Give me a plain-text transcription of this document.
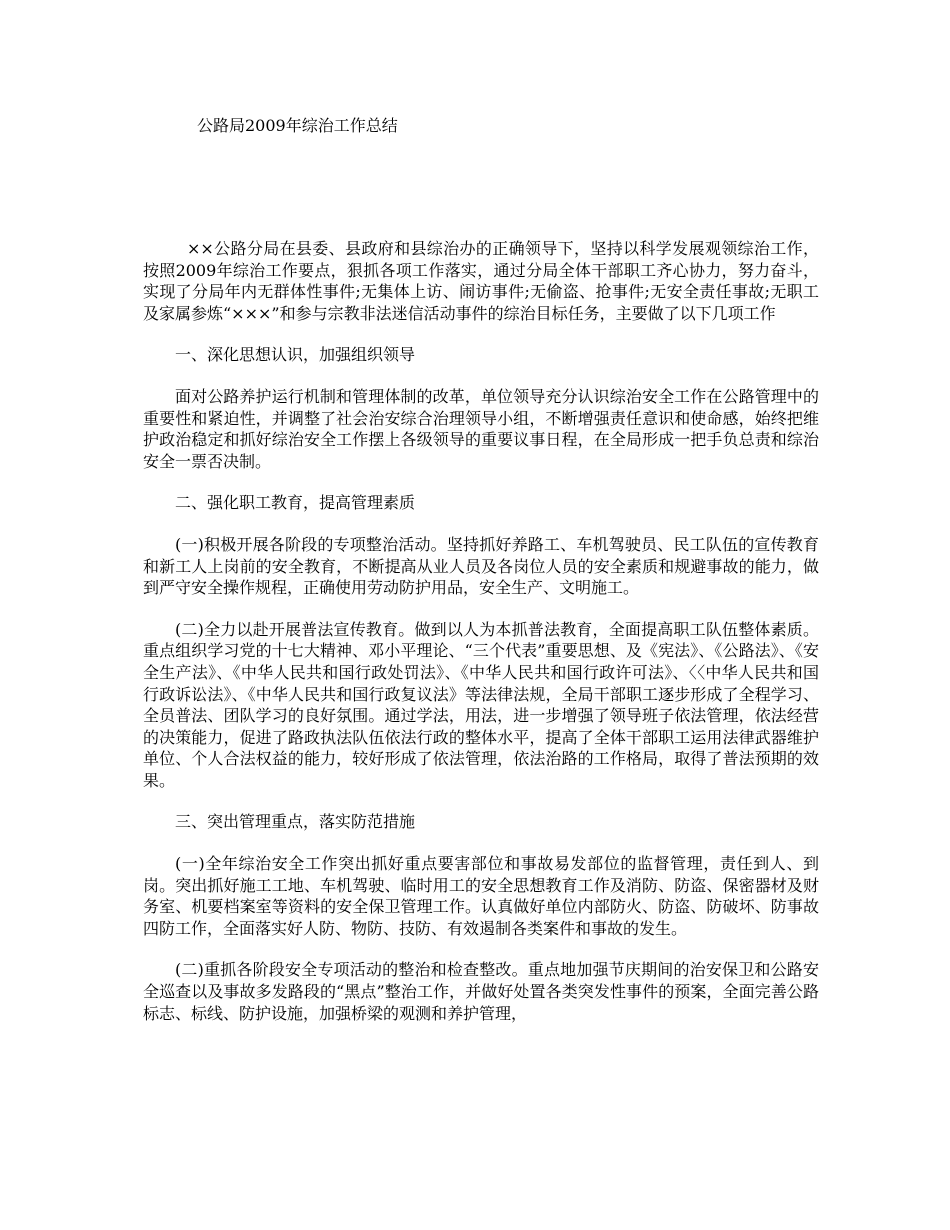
公路局2009年综治工作总结

××公路分局在县委、县政府和县综治办的正确领导下，坚持以科学发展观领综治工作，按照2009年综治工作要点，狠抓各项工作落实，通过分局全体干部职工齐心协力，努力奋斗，实现了分局年内无群体性事件;无集体上访、闹访事件;无偷盗、抢事件;无安全责任事故;无职工及家属参炼“×××”和参与宗教非法迷信活动事件的综治目标任务，主要做了以下几项工作

一、深化思想认识，加强组织领导

面对公路养护运行机制和管理体制的改革，单位领导充分认识综治安全工作在公路管理中的重要性和紧迫性，并调整了社会治安综合治理领导小组，不断增强责任意识和使命感，始终把维护政治稳定和抓好综治安全工作摆上各级领导的重要议事日程，在全局形成一把手负总责和综治安全一票否决制。

二、强化职工教育，提高管理素质

(一)积极开展各阶段的专项整治活动。坚持抓好养路工、车机驾驶员、民工队伍的宣传教育和新工人上岗前的安全教育，不断提高从业人员及各岗位人员的安全素质和规避事故的能力，做到严守安全操作规程，正确使用劳动防护用品，安全生产、文明施工。

(二)全力以赴开展普法宣传教育。做到以人为本抓普法教育，全面提高职工队伍整体素质。重点组织学习党的十七大精神、邓小平理论、“三个代表”重要思想、及《宪法》、《公路法》、《安全生产法》、《中华人民共和国行政处罚法》、《中华人民共和国行政许可法》、〈〈中华人民共和国行政诉讼法》、《中华人民共和国行政复议法》等法律法规，全局干部职工逐步形成了全程学习、全员普法、团队学习的良好氛围。通过学法，用法，进一步增强了领导班子依法管理，依法经营的决策能力，促进了路政执法队伍依法行政的整体水平，提高了全体干部职工运用法律武器维护单位、个人合法权益的能力，较好形成了依法管理，依法治路的工作格局，取得了普法预期的效果。

三、突出管理重点，落实防范措施

(一)全年综治安全工作突出抓好重点要害部位和事故易发部位的监督管理，责任到人、到岗。突出抓好施工工地、车机驾驶、临时用工的安全思想教育工作及消防、防盗、保密器材及财务室、机要档案室等资料的安全保卫管理工作。认真做好单位内部防火、防盗、防破坏、防事故四防工作，全面落实好人防、物防、技防、有效遏制各类案件和事故的发生。

(二)重抓各阶段安全专项活动的整治和检查整改。重点地加强节庆期间的治安保卫和公路安全巡查以及事故多发路段的“黑点”整治工作，并做好处置各类突发性事件的预案，全面完善公路标志、标线、防护设施，加强桥梁的观测和养护管理，
